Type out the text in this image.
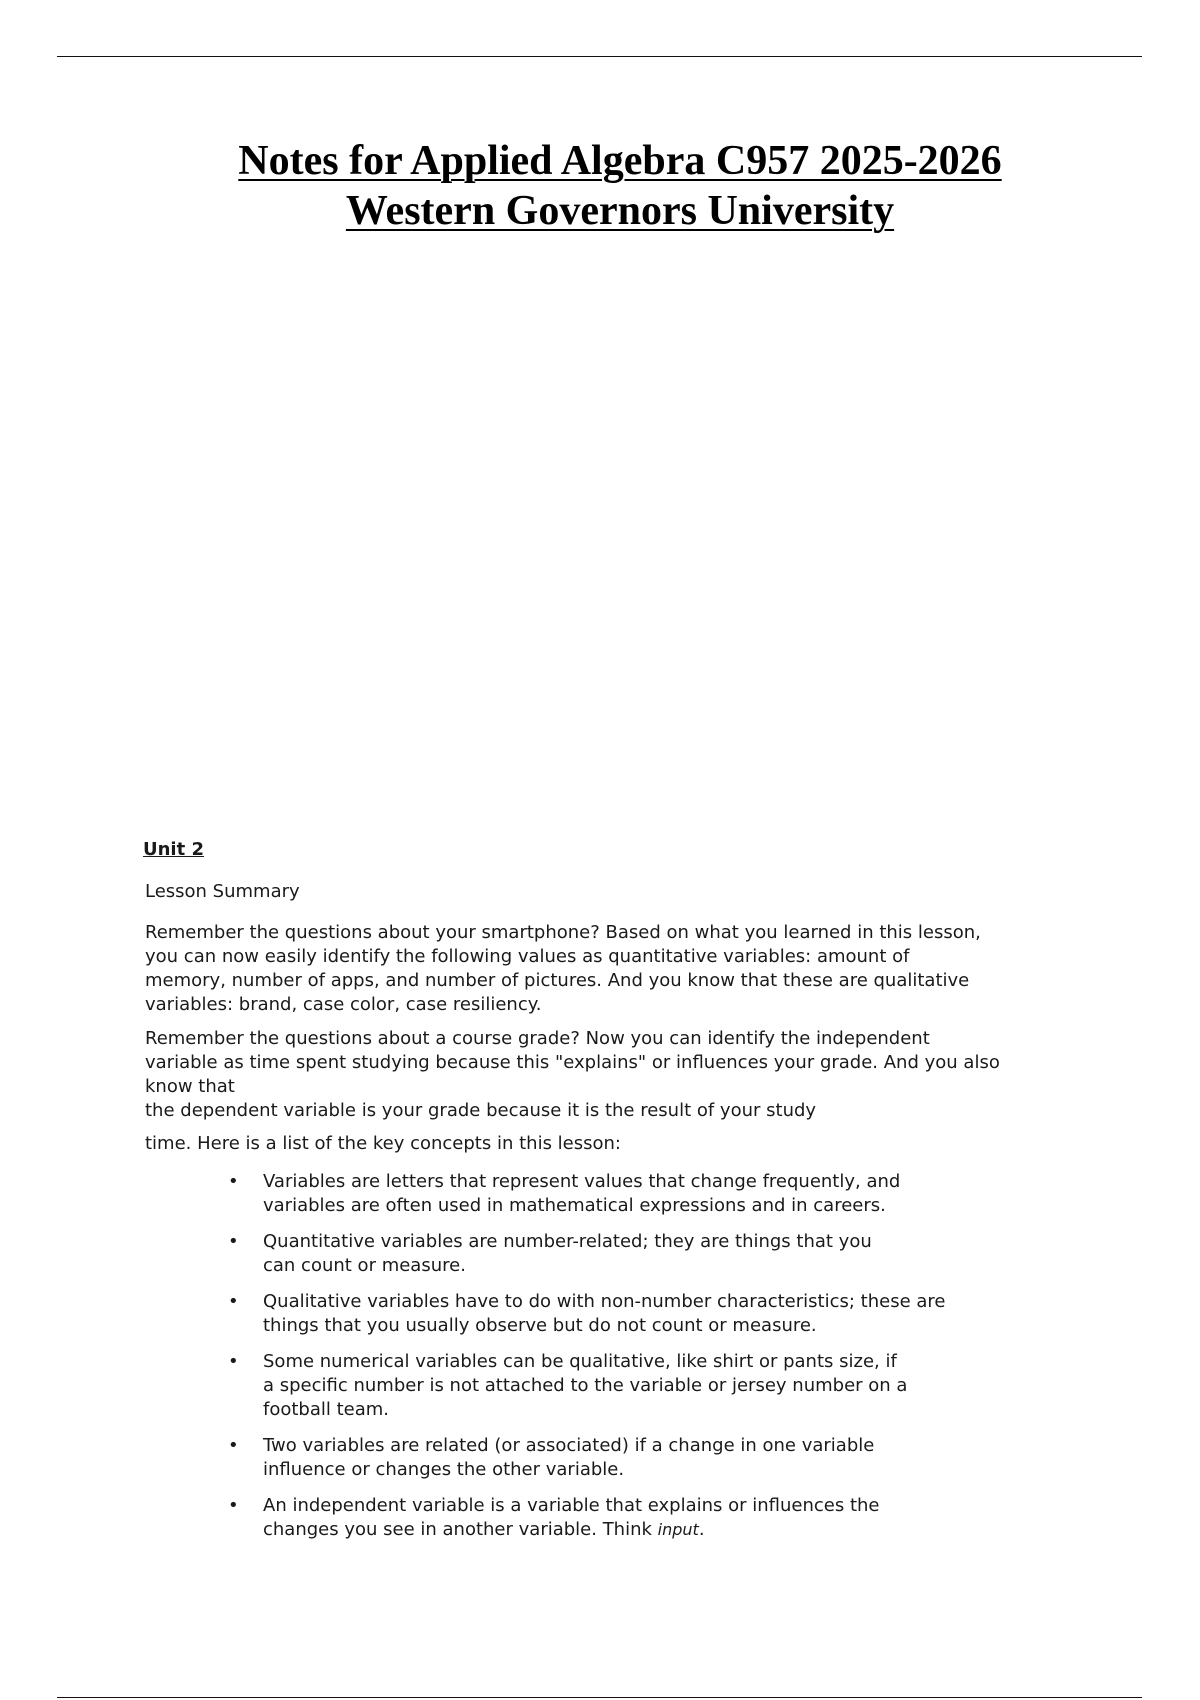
Notes for Applied Algebra C957 2025-2026
Western Governors University
Unit 2
Lesson Summary
Remember the questions about your smartphone? Based on what you learned in this lesson,
you can now easily identify the following values as quantitative variables: amount of
memory, number of apps, and number of pictures. And you know that these are qualitative
variables: brand, case color, case resiliency.
Remember the questions about a course grade? Now you can identify the independent
variable as time spent studying because this "explains" or influences your grade. And you also
know that
the dependent variable is your grade because it is the result of your study
time. Here is a list of the key concepts in this lesson:
• Variables are letters that represent values that change frequently, and
variables are often used in mathematical expressions and in careers.
• Quantitative variables are number-related; they are things that you
can count or measure.
• Qualitative variables have to do with non-number characteristics; these are
things that you usually observe but do not count or measure.
• Some numerical variables can be qualitative, like shirt or pants size, if
a specific number is not attached to the variable or jersey number on a
football team.
• Two variables are related (or associated) if a change in one variable
influence or changes the other variable.
• An independent variable is a variable that explains or influences the
changes you see in another variable. Think input.
